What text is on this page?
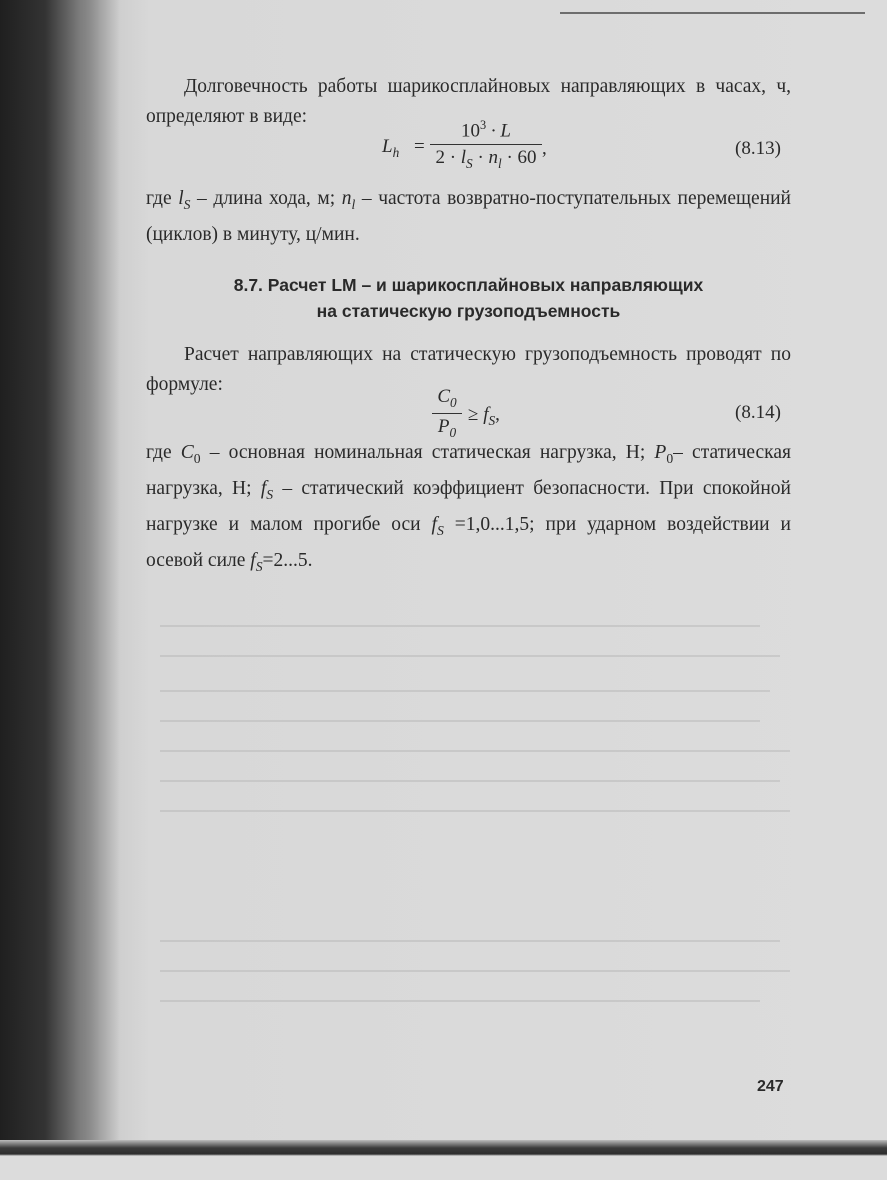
Долговечность работы шарикосплайновых направляющих в часах, ч, определяют в виде:
$L_h$ =
$10^3 \cdot L$
$2 \cdot l_S \cdot n_l \cdot 60$ ,	(8.13)
где $l_S$ – длина хода, м; $n_l$ – частота возвратно-поступательных перемещений (циклов) в минуту, ц/мин.
8.7. Расчет LM – и шарикосплайновых направляющих
на статическую грузоподъемность
Расчет направляющих на статическую грузоподъемность проводят по формуле:
$C_0$
$P_0$
≥ $f_S$,	(8.14)
где $C_0$ – основная номинальная статическая нагрузка, Н; $P_0-$ статическая нагрузка, Н; $f_S$ – статический коэффициент безопасности. При спокойной нагрузке и малом прогибе оси $f_S =1,0...1,5$; при ударном воздействии и осевой силе $f_S=2...5$.
247
